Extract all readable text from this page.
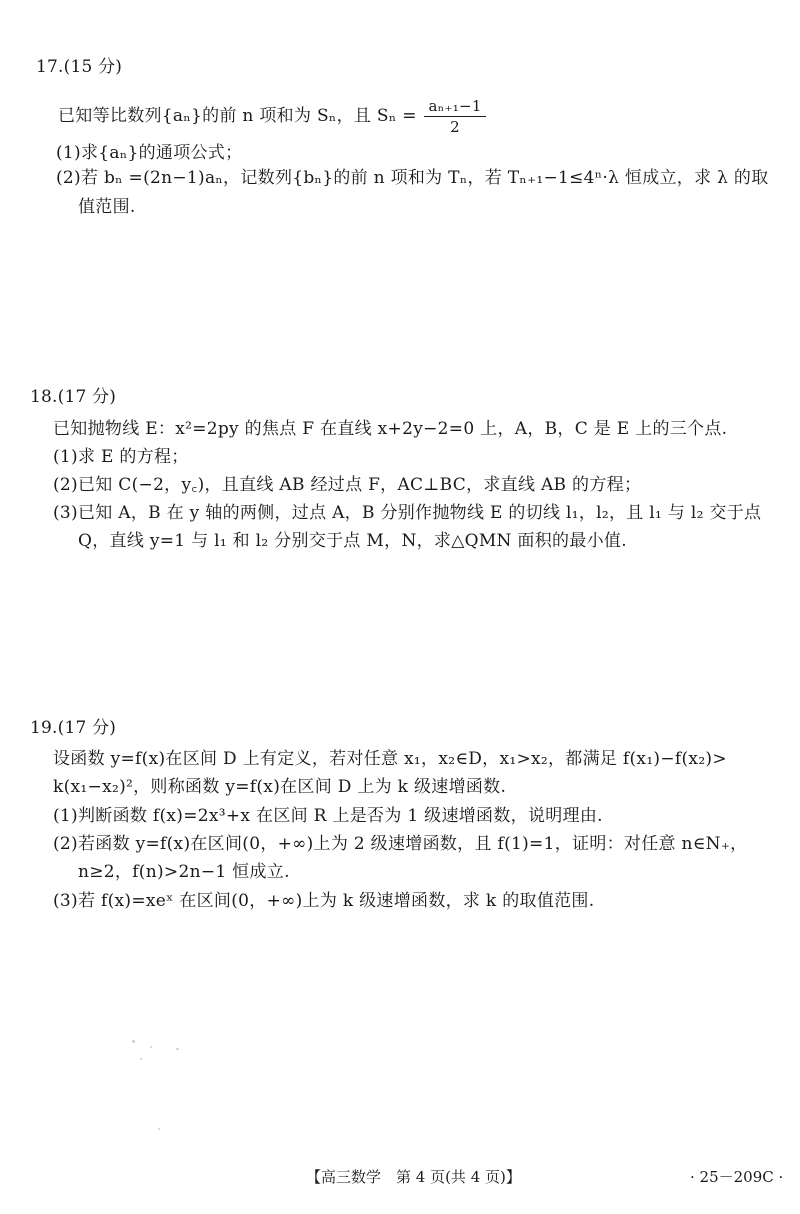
17.(15 分)
已知等比数列{aₙ}的前 n 项和为 Sₙ，且 $S_n = \frac{\text{aₙ₊₁−1}}{2}$
(1)求{aₙ}的通项公式；
(2)若 bₙ =(2n−1)aₙ，记数列{bₙ}的前 n 项和为 Tₙ，若 Tₙ₊₁−1≤4ⁿ·λ 恒成立，求 λ 的取
值范围.
18.(17 分)
已知抛物线 E：x²=2py 的焦点 F 在直线 x+2y−2=0 上，A，B，C 是 E 上的三个点.
(1)求 E 的方程；
(2)已知 C(−2，y꜀)，且直线 AB 经过点 F，AC⊥BC，求直线 AB 的方程；
(3)已知 A，B 在 y 轴的两侧，过点 A，B 分别作抛物线 E 的切线 l₁，l₂，且 l₁ 与 l₂ 交于点
Q，直线 y=1 与 l₁ 和 l₂ 分别交于点 M，N，求△QMN 面积的最小值.
19.(17 分)
设函数 y=f(x)在区间 D 上有定义，若对任意 x₁，x₂∈D，x₁>x₂，都满足 f(x₁)−f(x₂)>
k(x₁−x₂)²，则称函数 y=f(x)在区间 D 上为 k 级速增函数.
(1)判断函数 f(x)=2x³+x 在区间 R 上是否为 1 级速增函数，说明理由.
(2)若函数 y=f(x)在区间(0，+∞)上为 2 级速增函数，且 f(1)=1，证明：对任意 n∈N₊，
n≥2，f(n)>2n−1 恒成立.
(3)若 f(x)=xeˣ 在区间(0，+∞)上为 k 级速增函数，求 k 的取值范围.
【高三数学　第 4 页(共 4 页)】	· 25－209C ·
